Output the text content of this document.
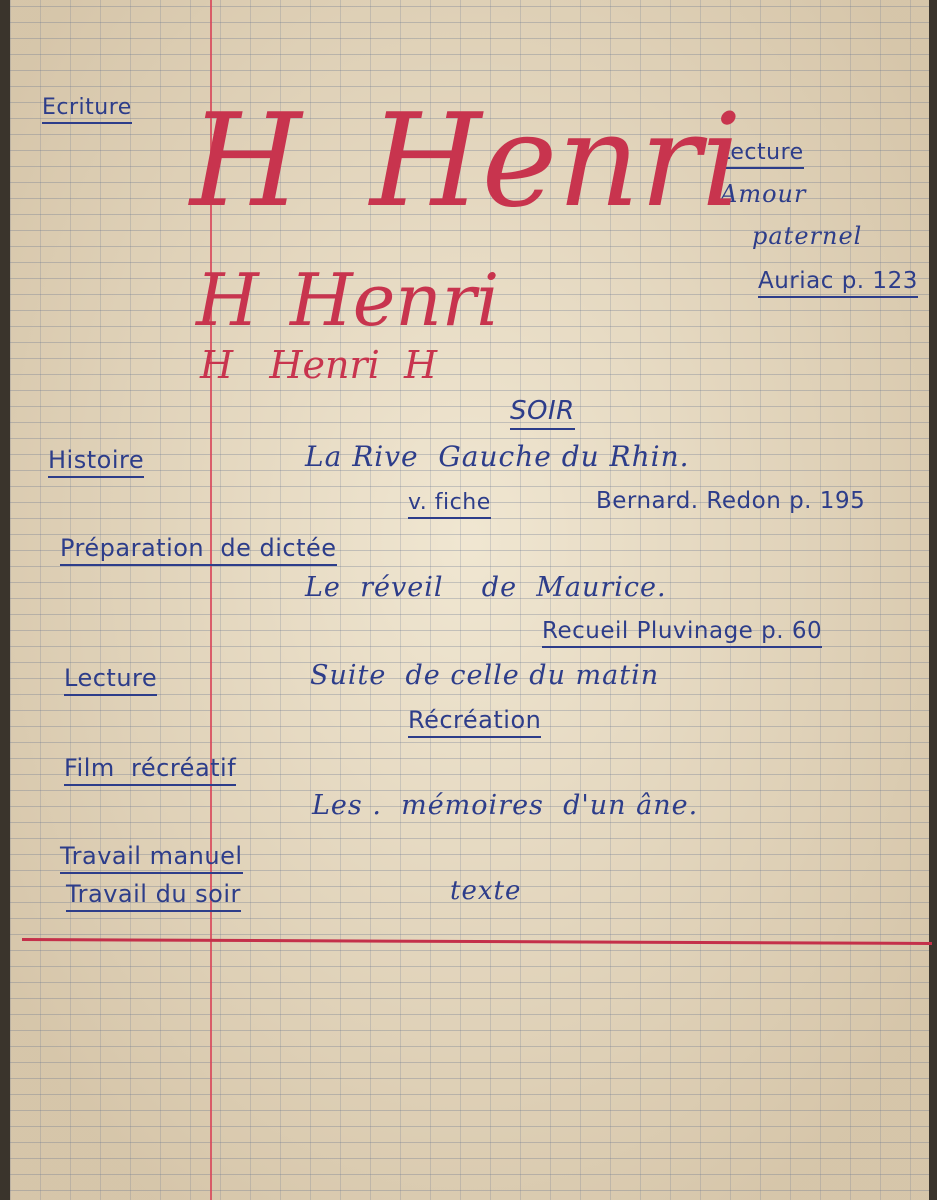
Ecriture
Lecture
Amour
paternel
Auriac p. 123
H Henri
H Henri
H   Henri  H
SOIR
Histoire	La Rive  Gauche du Rhin.
v. fiche	Bernard. Redon p. 195
Préparation  de dictée
Le  réveil    de  Maurice.
Recueil Pluvinage p. 60
Lecture	Suite  de celle du matin
Récréation
Film  récréatif
Les .  mémoires  d'un âne.
Travail manuel
Travail du soir	texte
